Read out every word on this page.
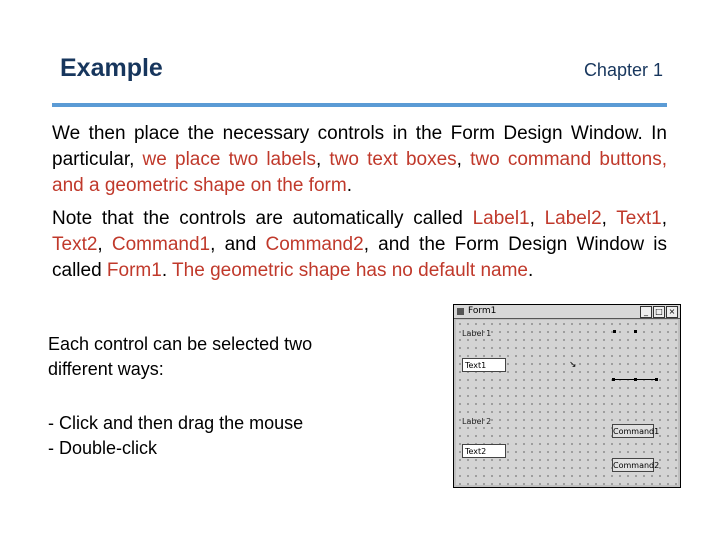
Example	Chapter 1
We then place the necessary controls in the Form Design Window. In particular, we place two labels, two text boxes, two command buttons, and a geometric shape on the form.
Note that the controls are automatically called Label1, Label2, Text1, Text2, Command1, and Command2, and the Form Design Window is called Form1. The geometric shape has no default name.
Each control can be selected two
different ways:
- Click and then drag the mouse
- Double-click
Form1	_ □ ×
Label 1
Text1	↘
Label 2
Command1
Text2
Command2
